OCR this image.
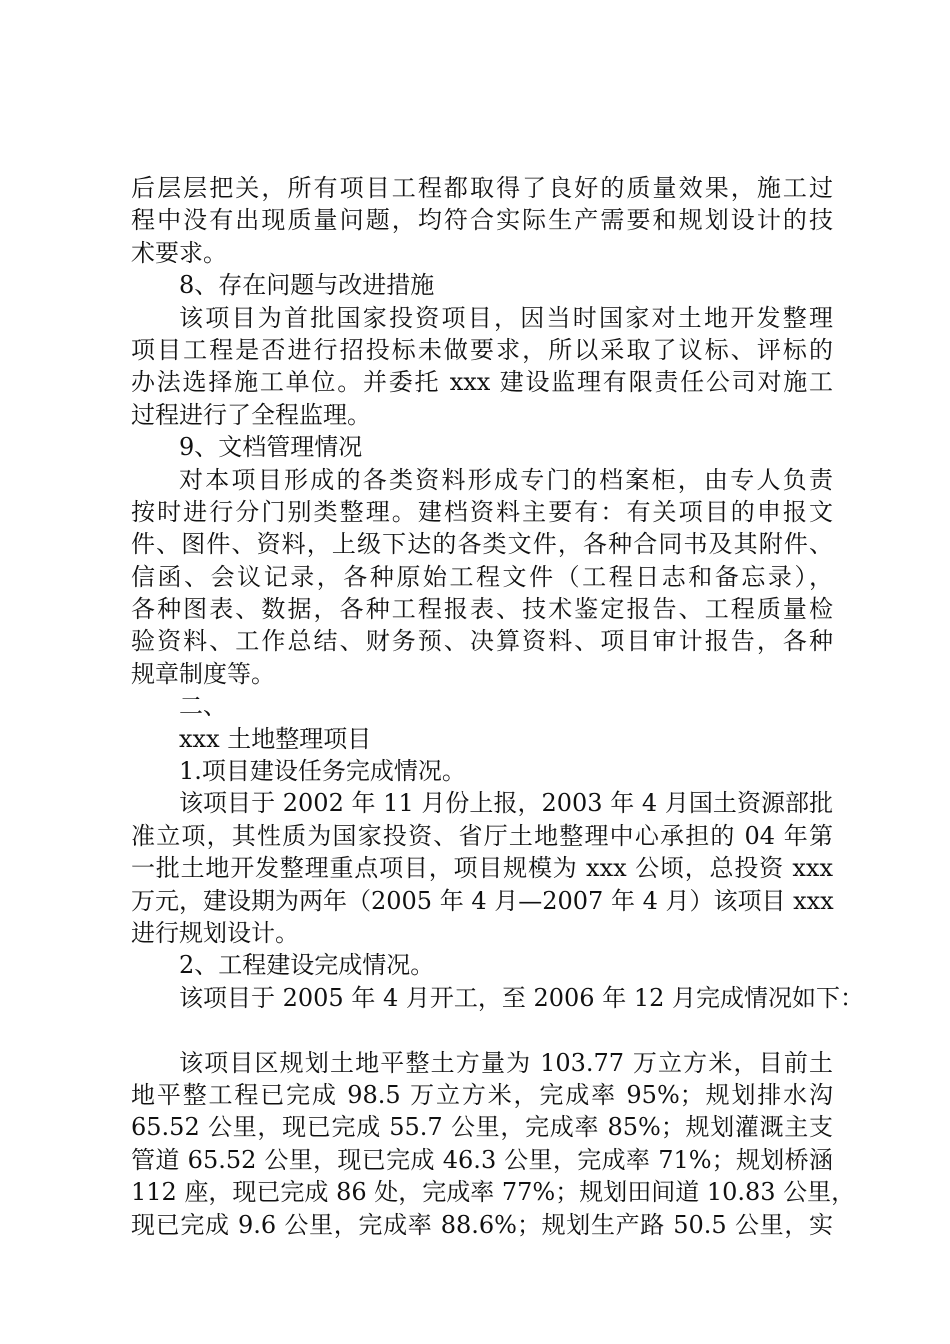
后层层把关，所有项目工程都取得了良好的质量效果，施工过
程中没有出现质量问题，均符合实际生产需要和规划设计的技
术要求。
8、存在问题与改进措施
该项目为首批国家投资项目，因当时国家对土地开发整理
项目工程是否进行招投标未做要求，所以采取了议标、评标的
办法选择施工单位。并委托 xxx 建设监理有限责任公司对施工
过程进行了全程监理。
9、文档管理情况
对本项目形成的各类资料形成专门的档案柜，由专人负责
按时进行分门别类整理。建档资料主要有：有关项目的申报文
件、图件、资料，上级下达的各类文件，各种合同书及其附件、
信函、会议记录，各种原始工程文件（工程日志和备忘录），
各种图表、数据，各种工程报表、技术鉴定报告、工程质量检
验资料、工作总结、财务预、决算资料、项目审计报告，各种
规章制度等。
二、
xxx 土地整理项目
1.项目建设任务完成情况。
该项目于 2002 年 11 月份上报，2003 年 4 月国土资源部批
准立项，其性质为国家投资、省厅土地整理中心承担的 04 年第
一批土地开发整理重点项目，项目规模为 xxx 公顷，总投资 xxx
万元，建设期为两年（2005 年 4 月—2007 年 4 月）该项目 xxx
进行规划设计。
2、工程建设完成情况。
该项目于 2005 年 4 月开工，至 2006 年 12 月完成情况如下：
该项目区规划土地平整土方量为 103.77 万立方米，目前土
地平整工程已完成 98.5 万立方米，完成率 95%；规划排水沟
65.52 公里，现已完成 55.7 公里，完成率 85%；规划灌溉主支
管道 65.52 公里，现已完成 46.3 公里，完成率 71%；规划桥涵
112 座，现已完成 86 处，完成率 77%；规划田间道 10.83 公里，
现已完成 9.6 公里，完成率 88.6%；规划生产路 50.5 公里，实
